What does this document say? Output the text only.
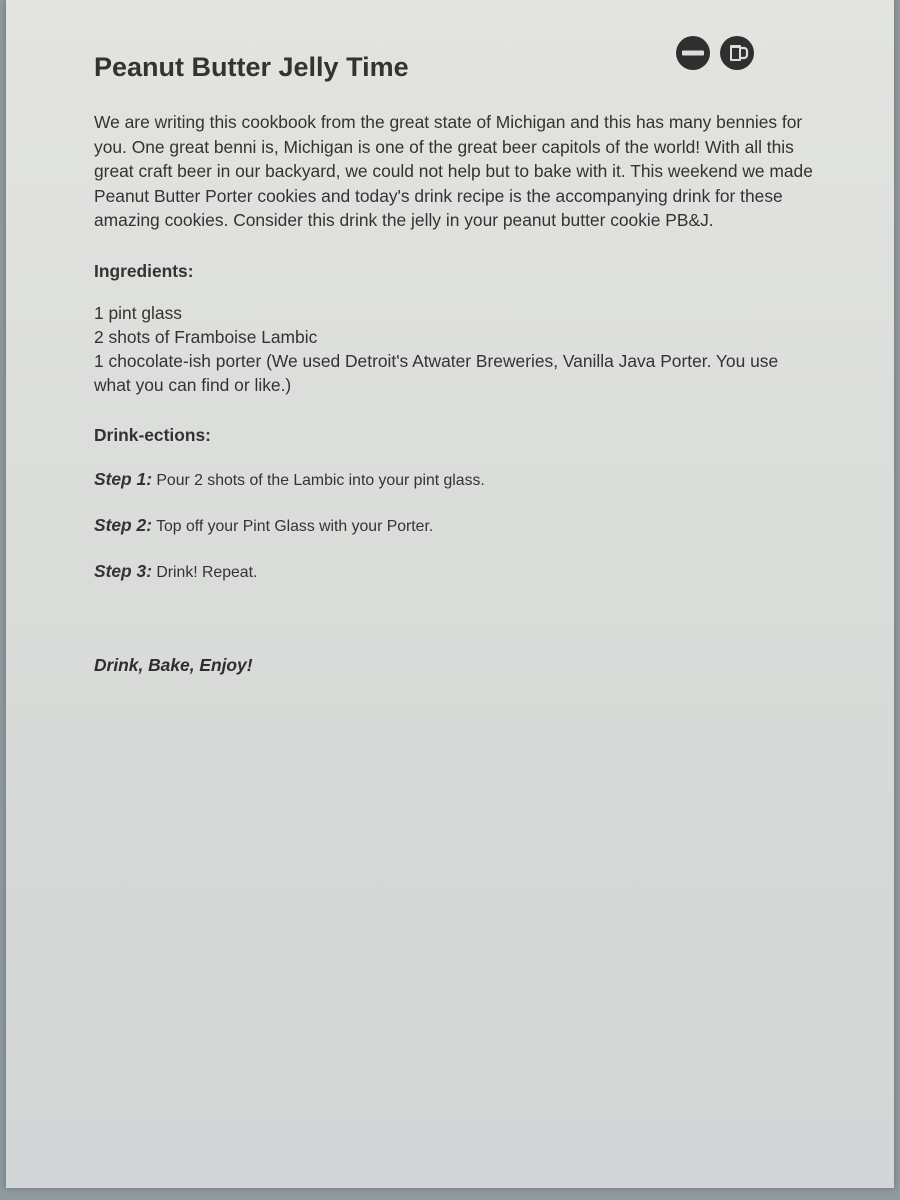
Peanut Butter Jelly Time

We are writing this cookbook from the great state of Michigan and this has many bennies for you. One great benni is, Michigan is one of the great beer capitols of the world! With all this great craft beer in our backyard, we could not help but to bake with it. This weekend we made Peanut Butter Porter cookies and today's drink recipe is the accompanying drink for these amazing cookies. Consider this drink the jelly in your peanut butter cookie PB&J.

Ingredients:
1 pint glass
2 shots of Framboise Lambic
1 chocolate-ish porter (We used Detroit's Atwater Breweries, Vanilla Java Porter. You use what you can find or like.)
Drink-ections:
Step 1: Pour 2 shots of the Lambic into your pint glass.
Step 2: Top off your Pint Glass with your Porter.
Step 3: Drink! Repeat.
Drink, Bake, Enjoy!
